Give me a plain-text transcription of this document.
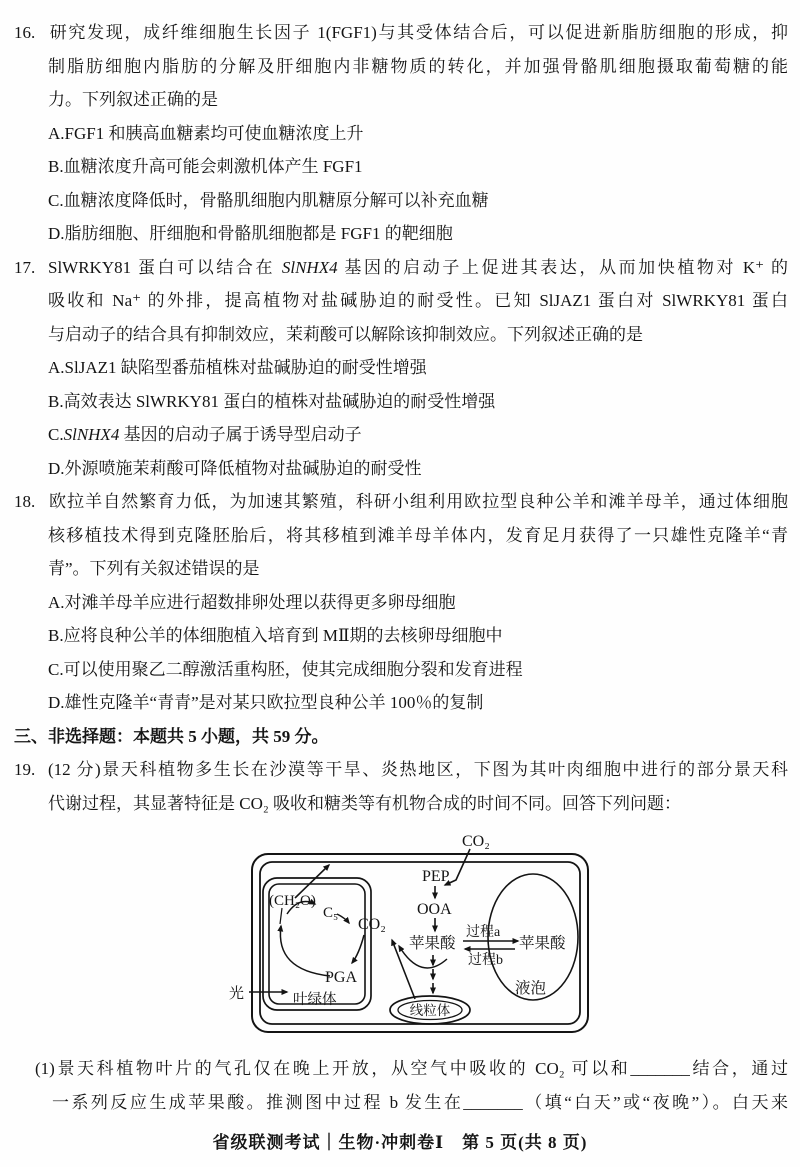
16. 研究发现，成纤维细胞生长因子 1(FGF1)与其受体结合后，可以促进新脂肪细胞的形成，抑
制脂肪细胞内脂肪的分解及肝细胞内非糖物质的转化，并加强骨骼肌细胞摄取葡萄糖的能
力。下列叙述正确的是
A.FGF1 和胰高血糖素均可使血糖浓度上升
B.血糖浓度升高可能会刺激机体产生 FGF1
C.血糖浓度降低时，骨骼肌细胞内肌糖原分解可以补充血糖
D.脂肪细胞、肝细胞和骨骼肌细胞都是 FGF1 的靶细胞
17. SlWRKY81 蛋白可以结合在 SlNHX4 基因的启动子上促进其表达，从而加快植物对 K⁺ 的
吸收和 Na⁺ 的外排，提高植物对盐碱胁迫的耐受性。已知 SlJAZ1 蛋白对 SlWRKY81 蛋白
与启动子的结合具有抑制效应，茉莉酸可以解除该抑制效应。下列叙述正确的是
A.SlJAZ1 缺陷型番茄植株对盐碱胁迫的耐受性增强
B.高效表达 SlWRKY81 蛋白的植株对盐碱胁迫的耐受性增强
C.SlNHX4 基因的启动子属于诱导型启动子
D.外源喷施茉莉酸可降低植物对盐碱胁迫的耐受性
18. 欧拉羊自然繁育力低，为加速其繁殖，科研小组利用欧拉型良种公羊和滩羊母羊，通过体细胞
核移植技术得到克隆胚胎后，将其移植到滩羊母羊体内，发育足月获得了一只雄性克隆羊“青
青”。下列有关叙述错误的是
A.对滩羊母羊应进行超数排卵处理以获得更多卵母细胞
B.应将良种公羊的体细胞植入培育到 MⅡ期的去核卵母细胞中
C.可以使用聚乙二醇激活重构胚，使其完成细胞分裂和发育进程
D.雄性克隆羊“青青”是对某只欧拉型良种公羊 100％的复制
三、非选择题：本题共 5 小题，共 59 分。
19. (12 分)景天科植物多生长在沙漠等干旱、炎热地区，下图为其叶肉细胞中进行的部分景天科
代谢过程，其显著特征是 CO₂ 吸收和糖类等有机物合成的时间不同。回答下列问题：
CO₂
PEP
OOA
苹果酸
过程a
过程b
苹果酸
液泡
线粒体
叶绿体
光
(CH₂O)
C₅
CO₂
PGA
(1)景天科植物叶片的气孔仅在晚上开放，从空气中吸收的 CO₂ 可以和_______结合，通过
一系列反应生成苹果酸。推测图中过程 b 发生在_______（填“白天”或“夜晚”）。白天来
省级联测考试｜生物·冲刺卷Ⅰ　第 5 页(共 8 页)
